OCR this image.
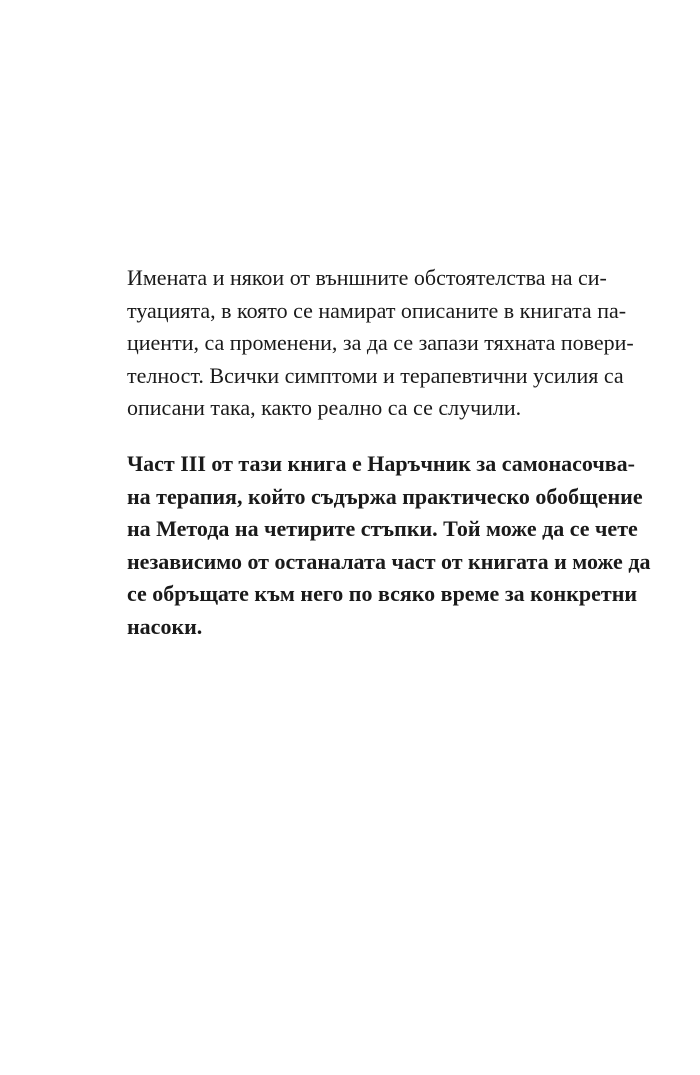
Имената и някои от външните обстоятелства на си-
туацията, в която се намират описаните в книгата па-
циенти, са променени, за да се запази тяхната повери-
телност. Всички симптоми и терапевтични усилия са
описани така, както реално са се случили.
Част III от тази книга е Наръчник за самонасочва-
на терапия, който съдържа практическо обобщение
на Метода на четирите стъпки. Той може да се чете
независимо от останалата част от книгата и може да
се обръщате към него по всяко време за конкретни
насоки.
